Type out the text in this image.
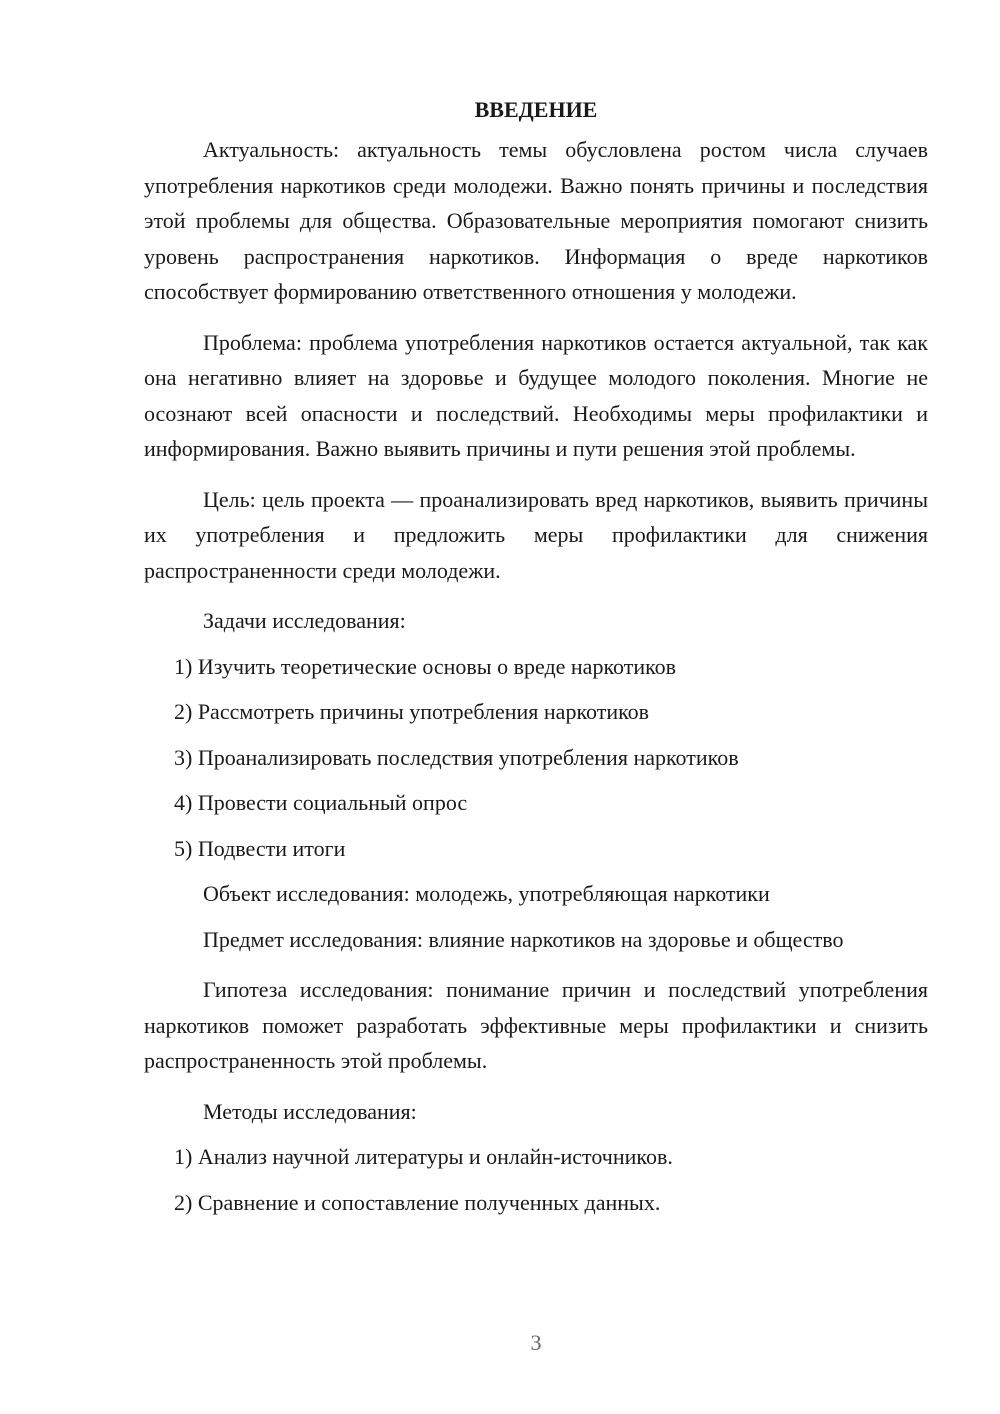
ВВЕДЕНИЕ

Актуальность: актуальность темы обусловлена ростом числа случаев употребления наркотиков среди молодежи. Важно понять причины и последствия этой проблемы для общества. Образовательные мероприятия помогают снизить уровень распространения наркотиков. Информация о вреде наркотиков способствует формированию ответственного отношения у молодежи.

Проблема: проблема употребления наркотиков остается актуальной, так как она негативно влияет на здоровье и будущее молодого поколения. Многие не осознают всей опасности и последствий. Необходимы меры профилактики и информирования. Важно выявить причины и пути решения этой проблемы.

Цель: цель проекта — проанализировать вред наркотиков, выявить причины их употребления и предложить меры профилактики для снижения распространенности среди молодежи.

Задачи исследования:

1) Изучить теоретические основы о вреде наркотиков

2) Рассмотреть причины употребления наркотиков

3) Проанализировать последствия употребления наркотиков

4) Провести социальный опрос

5) Подвести итоги

Объект исследования: молодежь, употребляющая наркотики

Предмет исследования: влияние наркотиков на здоровье и общество

Гипотеза исследования: понимание причин и последствий употребления наркотиков поможет разработать эффективные меры профилактики и снизить распространенность этой проблемы.

Методы исследования:

1) Анализ научной литературы и онлайн-источников.

2) Сравнение и сопоставление полученных данных.

3
